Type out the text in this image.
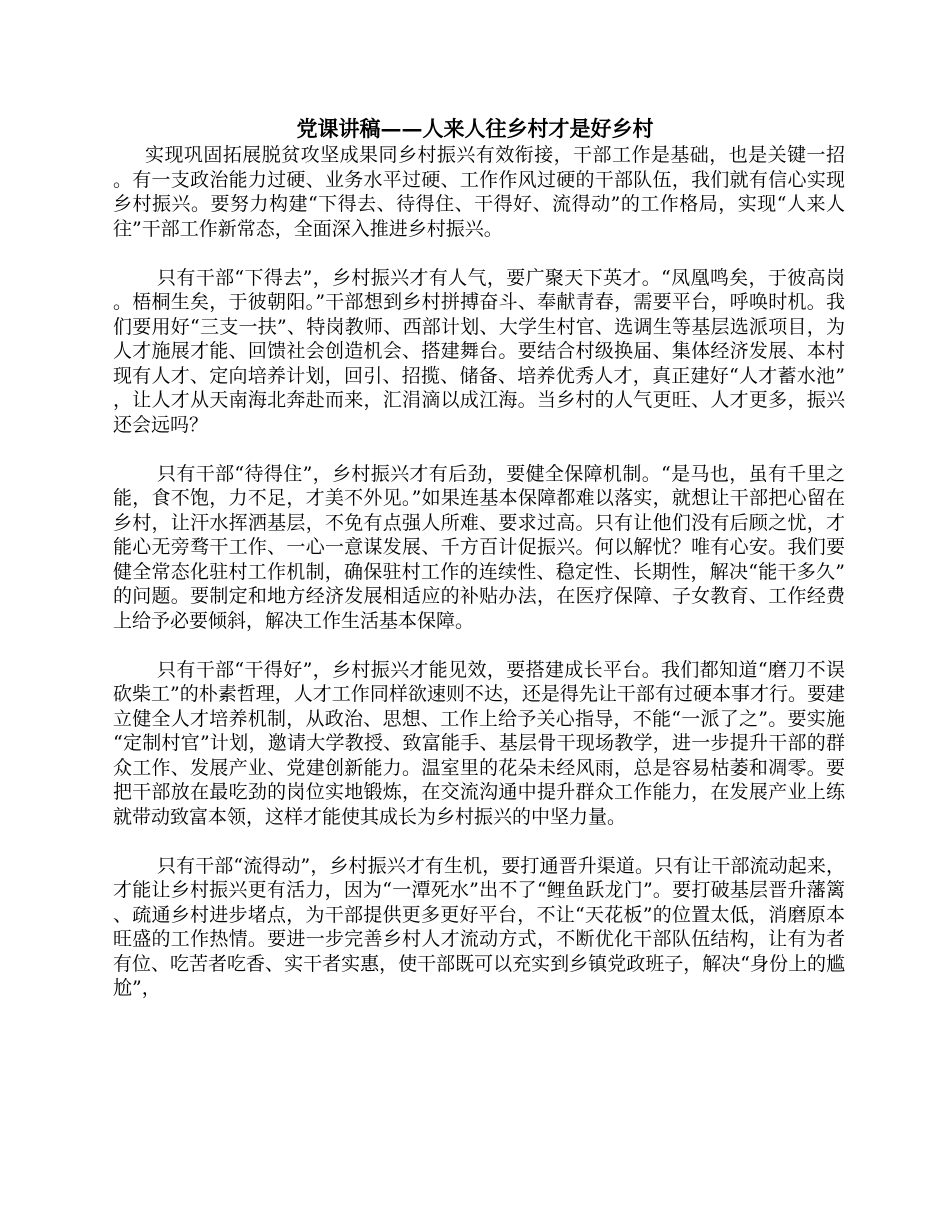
党课讲稿——人来人往乡村才是好乡村

实现巩固拓展脱贫攻坚成果同乡村振兴有效衔接，干部工作是基础，也是关键一招。有一支政治能力过硬、业务水平过硬、工作作风过硬的干部队伍，我们就有信心实现乡村振兴。要努力构建“下得去、待得住、干得好、流得动”的工作格局，实现“人来人往”干部工作新常态，全面深入推进乡村振兴。

只有干部“下得去”，乡村振兴才有人气，要广聚天下英才。“凤凰鸣矣，于彼高岗。梧桐生矣，于彼朝阳。”干部想到乡村拼搏奋斗、奉献青春，需要平台，呼唤时机。我们要用好“三支一扶”、特岗教师、西部计划、大学生村官、选调生等基层选派项目，为人才施展才能、回馈社会创造机会、搭建舞台。要结合村级换届、集体经济发展、本村现有人才、定向培养计划，回引、招揽、储备、培养优秀人才，真正建好“人才蓄水池”，让人才从天南海北奔赴而来，汇涓滴以成江海。当乡村的人气更旺、人才更多，振兴还会远吗？

只有干部“待得住”，乡村振兴才有后劲，要健全保障机制。“是马也，虽有千里之能，食不饱，力不足，才美不外见。”如果连基本保障都难以落实，就想让干部把心留在乡村，让汗水挥洒基层，不免有点强人所难、要求过高。只有让他们没有后顾之忧，才能心无旁骛干工作、一心一意谋发展、千方百计促振兴。何以解忧？唯有心安。我们要健全常态化驻村工作机制，确保驻村工作的连续性、稳定性、长期性，解决“能干多久”的问题。要制定和地方经济发展相适应的补贴办法，在医疗保障、子女教育、工作经费上给予必要倾斜，解决工作生活基本保障。

只有干部“干得好”，乡村振兴才能见效，要搭建成长平台。我们都知道“磨刀不误砍柴工”的朴素哲理，人才工作同样欲速则不达，还是得先让干部有过硬本事才行。要建立健全人才培养机制，从政治、思想、工作上给予关心指导，不能“一派了之”。要实施“定制村官”计划，邀请大学教授、致富能手、基层骨干现场教学，进一步提升干部的群众工作、发展产业、党建创新能力。温室里的花朵未经风雨，总是容易枯萎和凋零。要把干部放在最吃劲的岗位实地锻炼，在交流沟通中提升群众工作能力，在发展产业上练就带动致富本领，这样才能使其成长为乡村振兴的中坚力量。

只有干部“流得动”，乡村振兴才有生机，要打通晋升渠道。只有让干部流动起来，才能让乡村振兴更有活力，因为“一潭死水”出不了“鲤鱼跃龙门”。要打破基层晋升藩篱、疏通乡村进步堵点，为干部提供更多更好平台，不让“天花板”的位置太低，消磨原本旺盛的工作热情。要进一步完善乡村人才流动方式，不断优化干部队伍结构，让有为者有位、吃苦者吃香、实干者实惠，使干部既可以充实到乡镇党政班子，解决“身份上的尴尬”，
